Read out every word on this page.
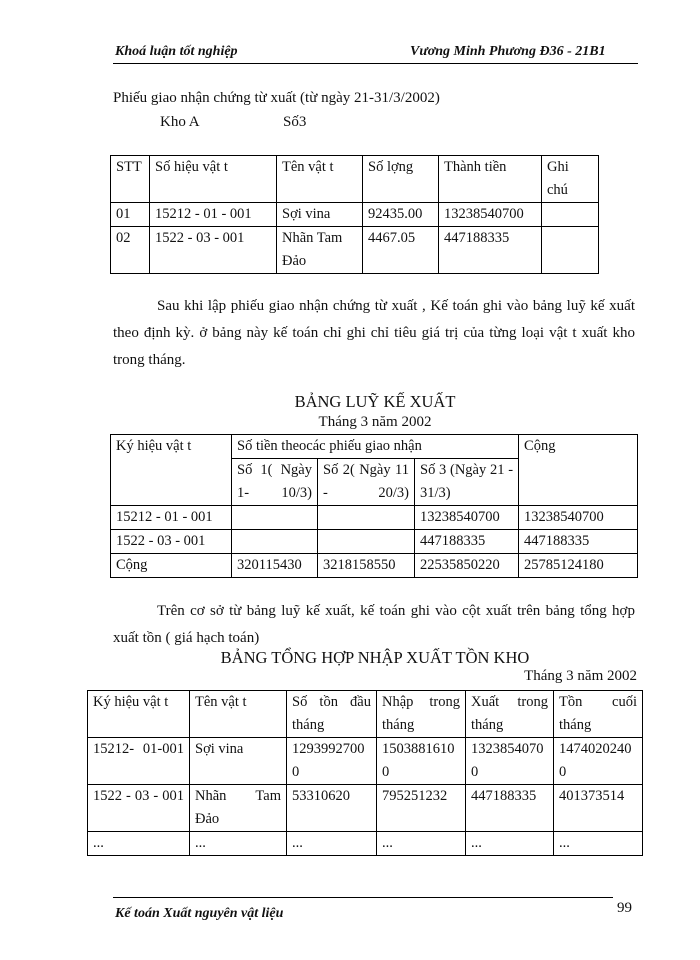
Khoá luận tốt nghiệp	Vương Minh Phương Đ36 - 21B1
Phiếu giao nhận chứng từ xuất (từ ngày 21-31/3/2002)
Kho A	Số3
STT	Số hiệu vật t	Tên vật t	Số lợng	Thành tiền	Ghi chú
01	15212 - 01 - 001	Sợi vina	92435.00	13238540700	
02	1522 - 03 - 001	Nhãn Tam Đảo	4467.05	447188335	
Sau khi lập phiếu giao nhận chứng từ xuất , Kế toán ghi vào bảng luỹ kế xuất theo định kỳ. ở bảng này kế toán chỉ ghi chỉ tiêu giá trị của từng loại vật t xuất kho trong tháng.
BẢNG LUỸ KẾ XUẤT
Tháng 3 năm 2002
Ký hiệu vật t	Số tiền theocác phiếu giao nhận			Cộng
	Số 1( Ngày 1- 10/3)	Số 2( Ngày 11 - 20/3)	Số 3 (Ngày 21 - 31/3)	
15212 - 01 - 001			13238540700	13238540700
1522 - 03 - 001			447188335	447188335
Cộng	320115430	3218158550	22535850220	25785124180
Trên cơ sở từ bảng luỹ kế xuất, kế toán ghi vào cột xuất trên bảng tổng hợp xuất tồn ( giá hạch toán)
BẢNG TỔNG HỢP NHẬP XUẤT TỒN KHO
Tháng 3 năm 2002
Ký hiệu vật t	Tên vật t	Số tồn đầu tháng	Nhập trong tháng	Xuất trong tháng	Tồn cuối tháng
15212- 01-001	Sợi vina	12939927000	15038816100	13238540700	14740202400
1522 - 03 - 001	Nhãn Tam Đảo	53310620	795251232	447188335	401373514
...	...	...	...	...	...
Kế toán Xuất nguyên vật liệu	99
